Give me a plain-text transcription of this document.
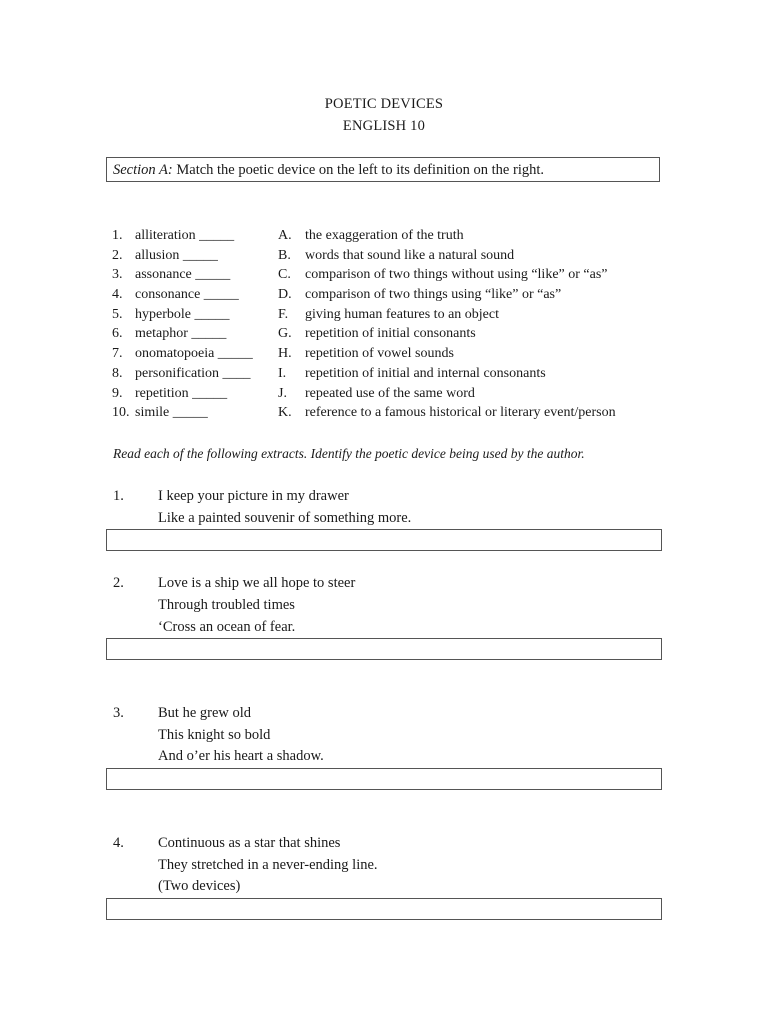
POETIC DEVICES
ENGLISH 10
Section A: Match the poetic device on the left to its definition on the right.
1. alliteration _____	A. the exaggeration of the truth
2. allusion _____	B.	words that sound like a natural sound
3. assonance _____	C.	comparison of two things without using “like” or “as”
4. consonance _____	D. comparison of two things using “like” or “as”
5. hyperbole _____	F.	giving human features to an object
6. metaphor _____	G. repetition of initial consonants
7. onomatopoeia _____ H. repetition of vowel sounds
8. personification ____ I.	repetition of initial and internal consonants
9. repetition _____	J.	repeated use of the same word
10. simile _____	K. reference to a famous historical or literary event/person
Read each of the following extracts. Identify the poetic device being used by the author.
1. I keep your picture in my drawer
Like a painted souvenir of something more.
2. Love is a ship we all hope to steer
Through troubled times
‘Cross an ocean of fear.
3. But he grew old
This knight so bold
And o’er his heart a shadow.
4. Continuous as a star that shines
They stretched in a never-ending line.
(Two devices)
